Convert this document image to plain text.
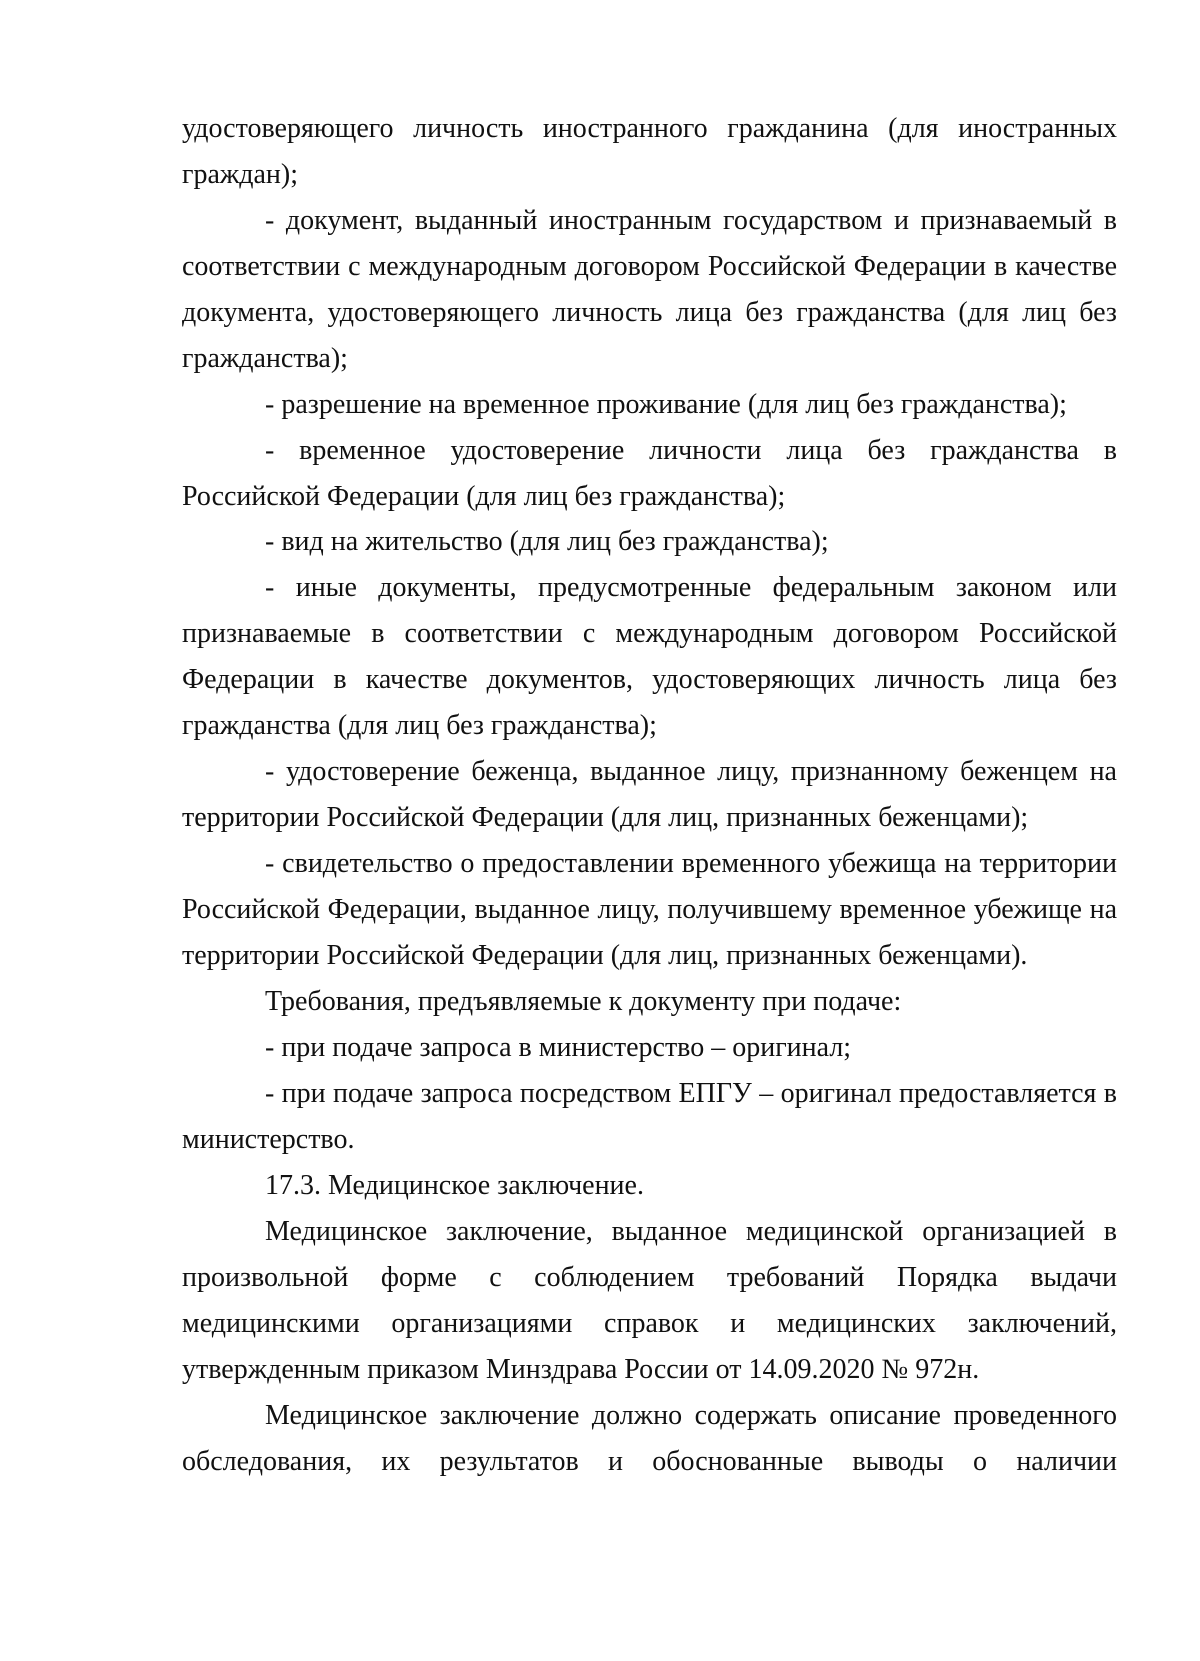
удостоверяющего личность иностранного гражданина (для иностранных
граждан);
- документ, выданный иностранным государством и признаваемый в
соответствии с международным договором Российской Федерации в качестве
документа, удостоверяющего личность лица без гражданства (для лиц без
гражданства);
- разрешение на временное проживание (для лиц без гражданства);
- временное удостоверение личности лица без гражданства в
Российской Федерации (для лиц без гражданства);
- вид на жительство (для лиц без гражданства);
- иные документы, предусмотренные федеральным законом или
признаваемые в соответствии с международным договором Российской
Федерации в качестве документов, удостоверяющих личность лица без
гражданства (для лиц без гражданства);
- удостоверение беженца, выданное лицу, признанному беженцем на
территории Российской Федерации (для лиц, признанных беженцами);
- свидетельство о предоставлении временного убежища на территории
Российской Федерации, выданное лицу, получившему временное убежище на
территории Российской Федерации (для лиц, признанных беженцами).
Требования, предъявляемые к документу при подаче:
- при подаче запроса в министерство – оригинал;
- при подаче запроса посредством ЕПГУ – оригинал предоставляется в
министерство.
17.3. Медицинское заключение.
Медицинское заключение, выданное медицинской организацией в
произвольной форме с соблюдением требований Порядка выдачи
медицинскими организациями справок и медицинских заключений,
утвержденным приказом Минздрава России от 14.09.2020 № 972н.
Медицинское заключение должно содержать описание проведенного
обследования, их результатов и обоснованные выводы о наличии
